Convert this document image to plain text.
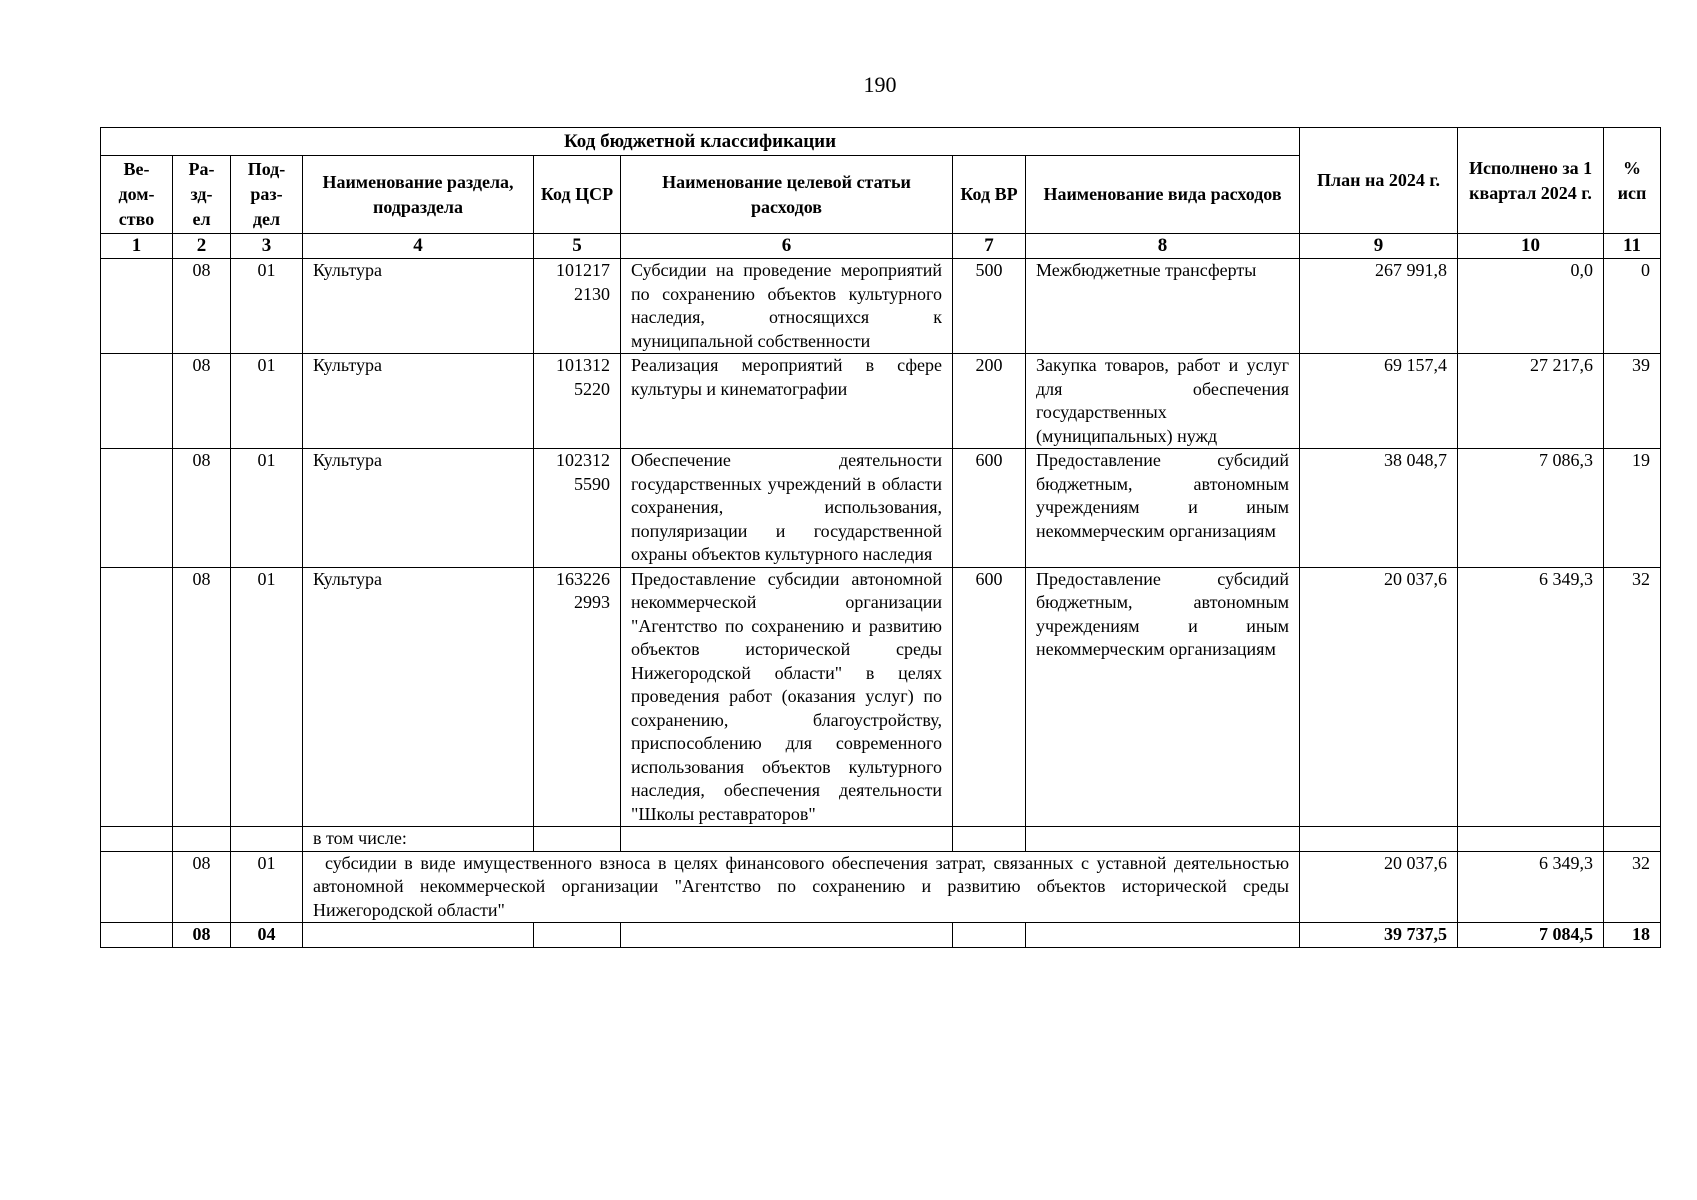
190
Код бюджетной классификации								План на 2024 г.	Исполнено за 1 квартал 2024 г.	% исп
Ве-
дом-
ство	Ра-
зд-
ел	Под-
раз-
дел	Наименование раздела, подраздела	Код ЦСР	Наименование целевой статьи расходов	Код ВР	Наименование вида расходов			
1	2	3	4	5	6	7	8	9	10	11
	08	01	Культура	101217 2130	Субсидии на проведение мероприятий по сохранению объектов культурного наследия, относящихся к муниципальной собственности	500	Межбюджетные трансферты	267 991,8	0,0	0
	08	01	Культура	101312 5220	Реализация мероприятий в сфере культуры и кинематографии	200	Закупка товаров, работ и услуг для обеспечения государственных (муниципальных) нужд	69 157,4	27 217,6	39
	08	01	Культура	102312 5590	Обеспечение деятельности государственных учреждений в области сохранения, использования, популяризации и государственной охраны объектов культурного наследия	600	Предоставление субсидий бюджетным, автономным учреждениям и иным некоммерческим организациям	38 048,7	7 086,3	19
	08	01	Культура	163226 2993	Предоставление субсидии автономной некоммерческой организации "Агентство по сохранению и развитию объектов исторической среды Нижегородской области" в целях проведения работ (оказания услуг) по сохранению, благоустройству, приспособлению для современного использования объектов культурного наследия, обеспечения деятельности "Школы реставраторов"	600	Предоставление субсидий бюджетным, автономным учреждениям и иным некоммерческим организациям	20 037,6	6 349,3	32
			в том числе:							
	08	01	субсидии в виде имущественного взноса в целях финансового обеспечения затрат, связанных с уставной деятельностью автономной некоммерческой организации "Агентство по сохранению и развитию объектов исторической среды Нижегородской области"					20 037,6	6 349,3	32
	08	04						39 737,5	7 084,5	18
